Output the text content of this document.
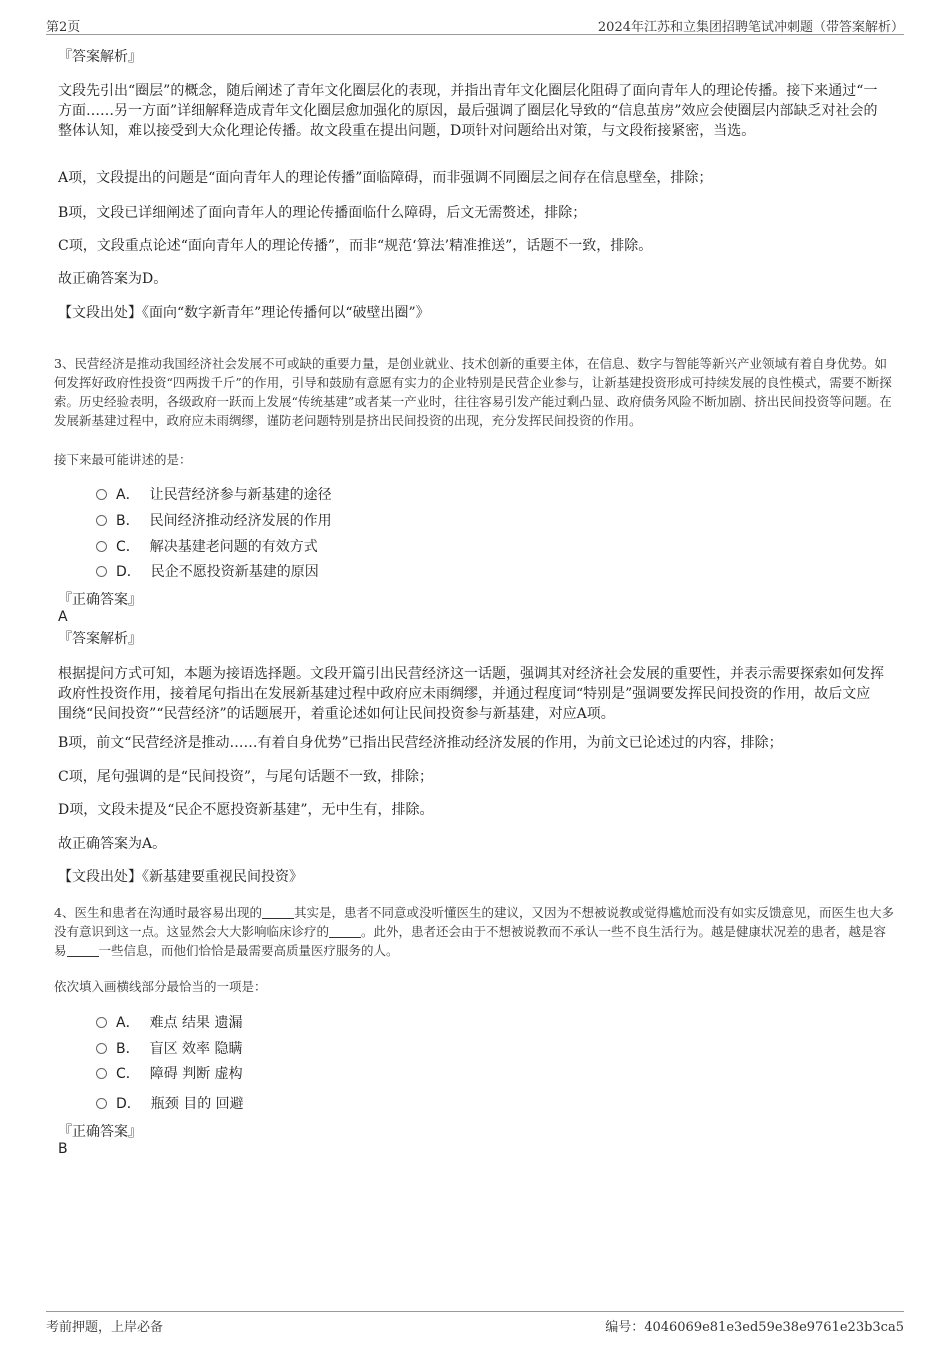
第2页	2024年江苏和立集团招聘笔试冲刺题（带答案解析）
『答案解析』

文段先引出“圈层”的概念，随后阐述了青年文化圈层化的表现，并指出青年文化圈层化阻碍了面向青年人的理论传播。接下来通过“一方面……另一方面”详细解释造成青年文化圈层愈加强化的原因，最后强调了圈层化导致的“信息茧房”效应会使圈层内部缺乏对社会的整体认知，难以接受到大众化理论传播。故文段重在提出问题，D项针对问题给出对策，与文段衔接紧密，当选。

A项，文段提出的问题是“面向青年人的理论传播”面临障碍，而非强调不同圈层之间存在信息壁垒，排除；

B项，文段已详细阐述了面向青年人的理论传播面临什么障碍，后文无需赘述，排除；

C项，文段重点论述“面向青年人的理论传播”，而非“规范‘算法’精准推送”，话题不一致，排除。

故正确答案为D。

【文段出处】《面向“数字新青年”理论传播何以“破壁出圈”》

3、民营经济是推动我国经济社会发展不可或缺的重要力量，是创业就业、技术创新的重要主体，在信息、数字与智能等新兴产业领域有着自身优势。如何发挥好政府性投资“四两拨千斤”的作用，引导和鼓励有意愿有实力的企业特别是民营企业参与，让新基建投资形成可持续发展的良性模式，需要不断探索。历史经验表明，各级政府一跃而上发展“传统基建”或者某一产业时，往往容易引发产能过剩凸显、政府债务风险不断加剧、挤出民间投资等问题。在发展新基建过程中，政府应未雨绸缪，谨防老问题特别是挤出民间投资的出现，充分发挥民间投资的作用。

接下来最可能讲述的是：

A． 让民营经济参与新基建的途径
B． 民间经济推动经济发展的作用
C． 解决基建老问题的有效方式
D． 民企不愿投资新基建的原因
『正确答案』
A
『答案解析』

根据提问方式可知，本题为接语选择题。文段开篇引出民营经济这一话题，强调其对经济社会发展的重要性，并表示需要探索如何发挥政府性投资作用，接着尾句指出在发展新基建过程中政府应未雨绸缪，并通过程度词“特别是”强调要发挥民间投资的作用，故后文应围绕“民间投资”“民营经济”的话题展开，着重论述如何让民间投资参与新基建，对应A项。

B项，前文“民营经济是推动……有着自身优势”已指出民营经济推动经济发展的作用，为前文已论述过的内容，排除；

C项，尾句强调的是“民间投资”，与尾句话题不一致，排除；

D项，文段未提及“民企不愿投资新基建”，无中生有，排除。

故正确答案为A。

【文段出处】《新基建要重视民间投资》

4、医生和患者在沟通时最容易出现的	其实是，患者不同意或没听懂医生的建议，又因为不想被说教或觉得尴尬而没有如实反馈意见，而医生也大多没有意识到这一点。这显然会大大影响临床诊疗的	。此外，患者还会由于不想被说教而不承认一些不良生活行为。越是健康状况差的患者，越是容易	一些信息，而他们恰恰是最需要高质量医疗服务的人。

依次填入画横线部分最恰当的一项是：

A． 难点 结果 遗漏
B． 盲区 效率 隐瞒
C． 障碍 判断 虚构
D． 瓶颈 目的 回避
『正确答案』
B
考前押题，上岸必备	编号：4046069e81e3ed59e38e9761e23b3ca5
